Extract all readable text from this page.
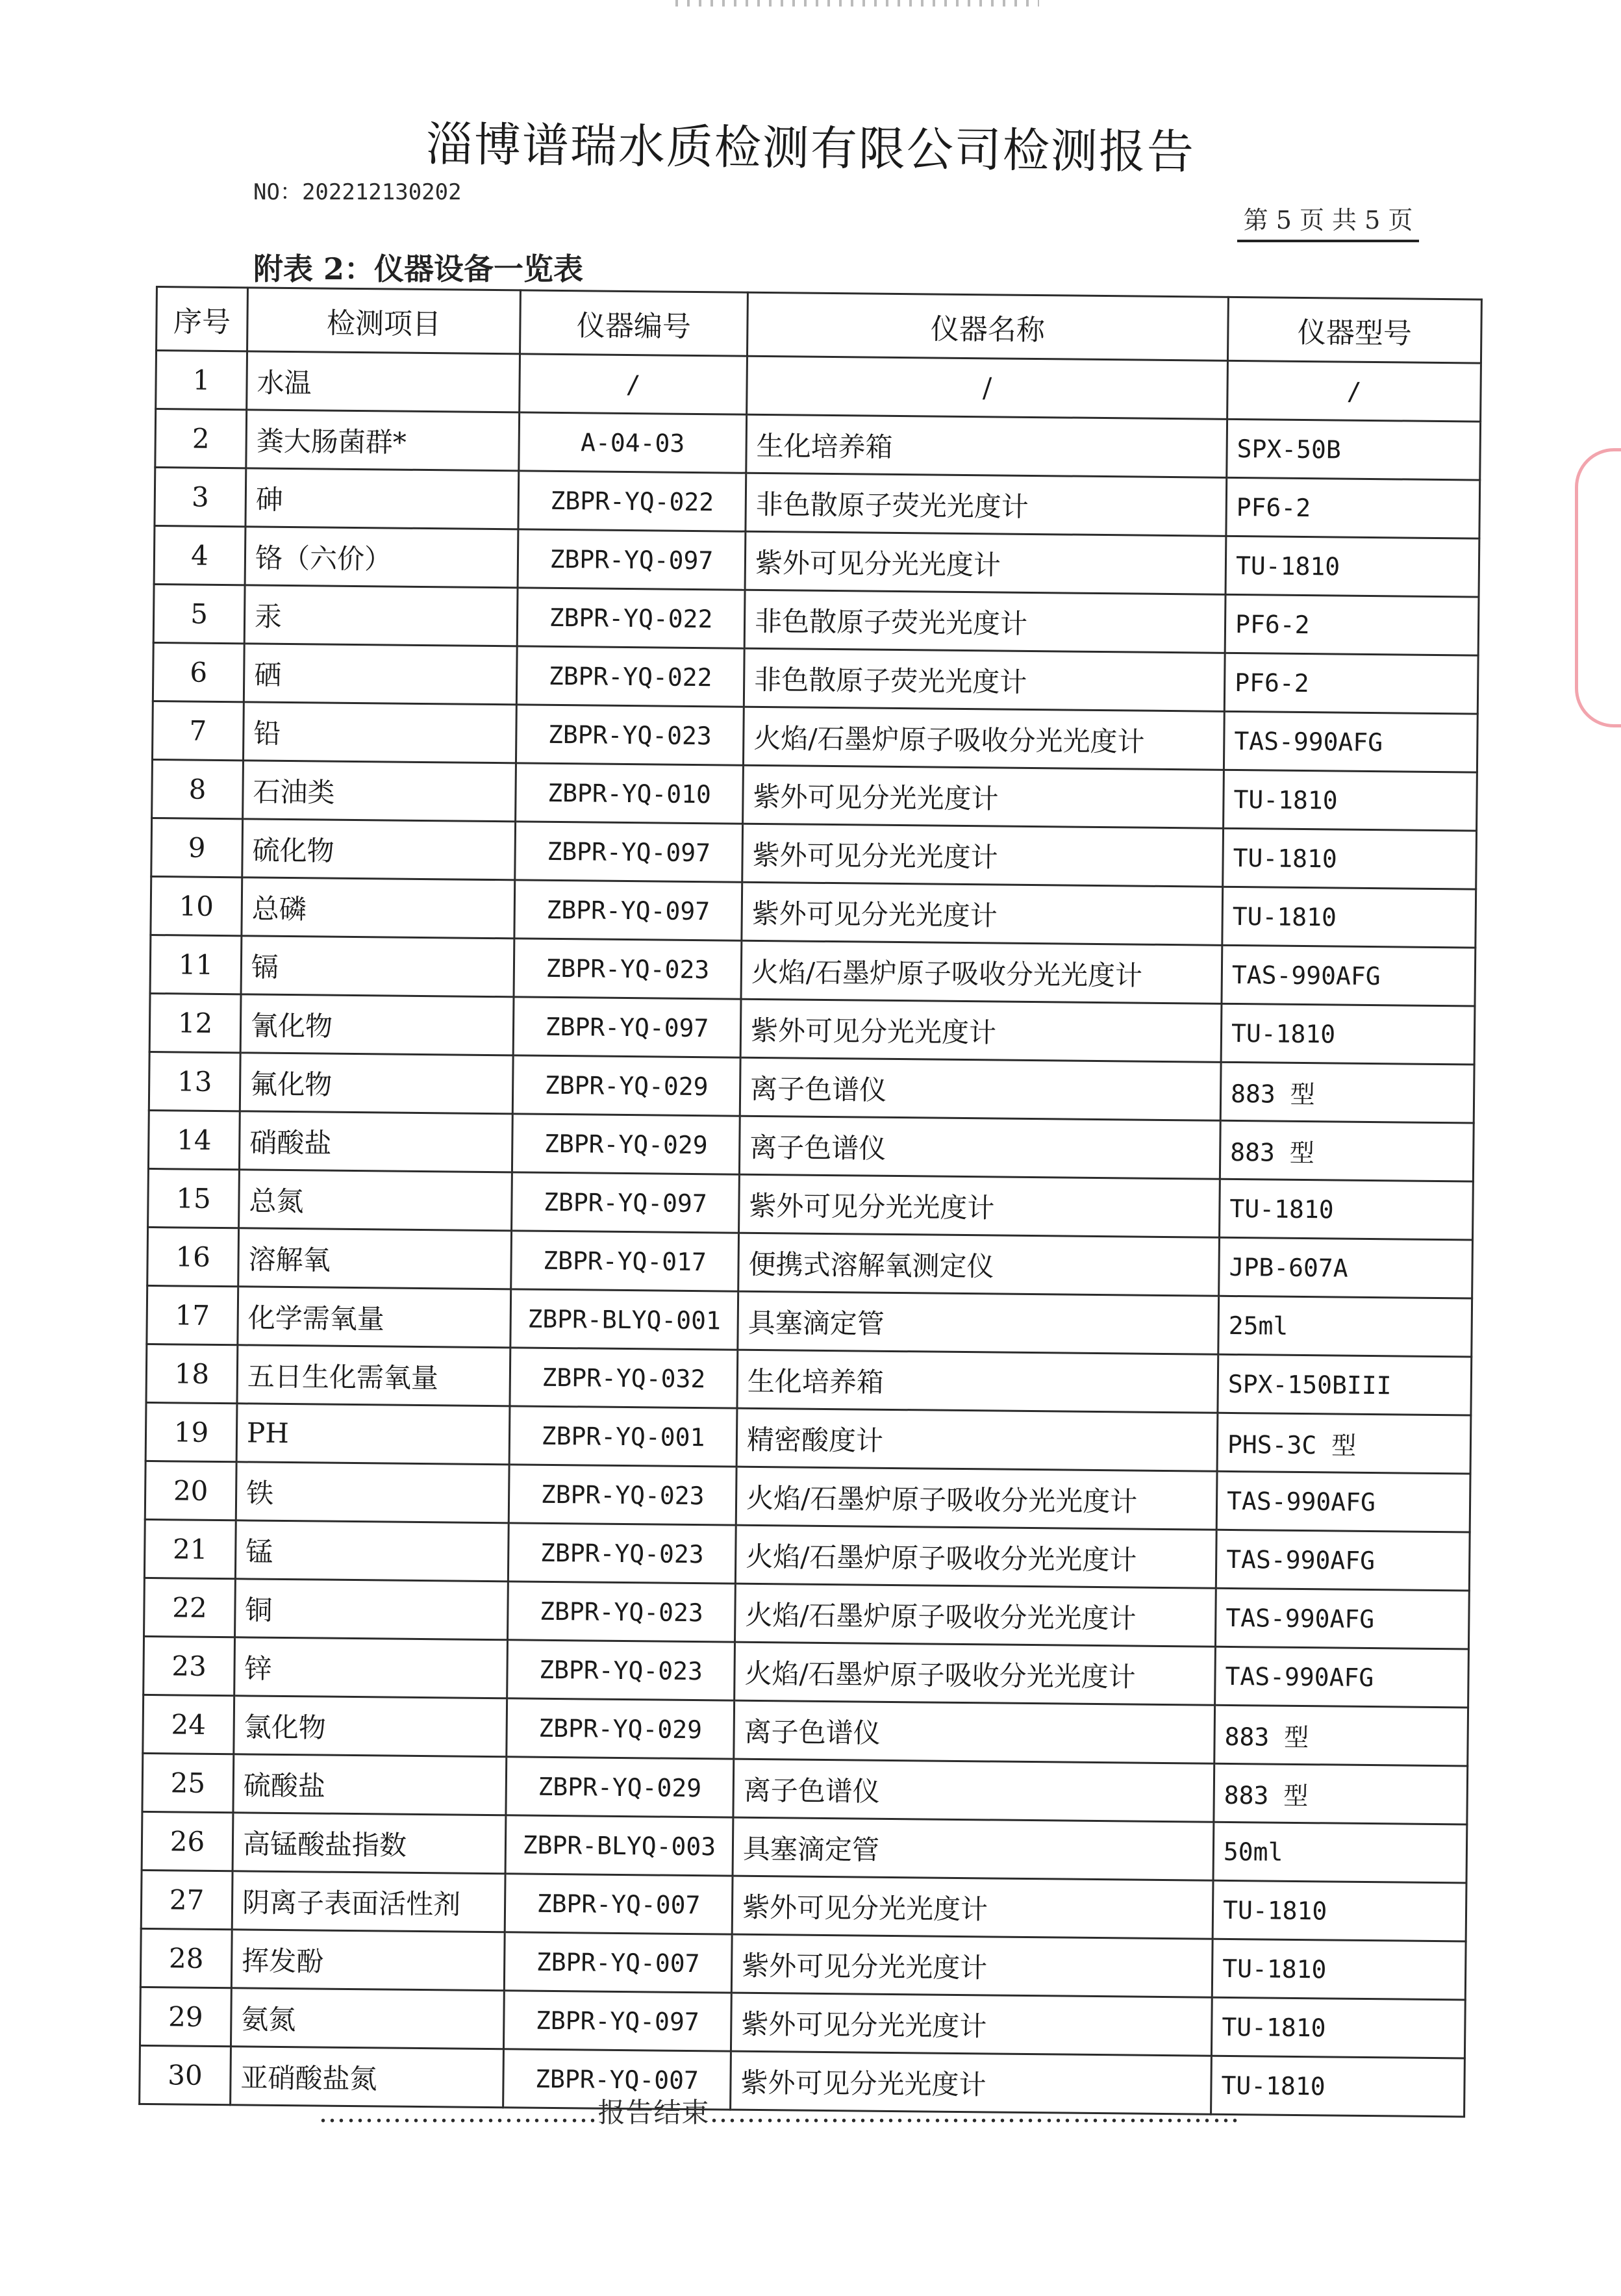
淄博谱瑞水质检测有限公司检测报告
NO：202212130202
第 5 页 共 5 页
附表 2：仪器设备一览表
序号	检测项目	仪器编号	仪器名称	仪器型号
1	水温	/	/	/
2	粪大肠菌群*	A-04-03	生化培养箱	SPX-50B
3	砷	ZBPR-YQ-022	非色散原子荧光光度计	PF6-2
4	铬（六价）	ZBPR-YQ-097	紫外可见分光光度计	TU-1810
5	汞	ZBPR-YQ-022	非色散原子荧光光度计	PF6-2
6	硒	ZBPR-YQ-022	非色散原子荧光光度计	PF6-2
7	铅	ZBPR-YQ-023	火焰/石墨炉原子吸收分光光度计	TAS-990AFG
8	石油类	ZBPR-YQ-010	紫外可见分光光度计	TU-1810
9	硫化物	ZBPR-YQ-097	紫外可见分光光度计	TU-1810
10	总磷	ZBPR-YQ-097	紫外可见分光光度计	TU-1810
11	镉	ZBPR-YQ-023	火焰/石墨炉原子吸收分光光度计	TAS-990AFG
12	氰化物	ZBPR-YQ-097	紫外可见分光光度计	TU-1810
13	氟化物	ZBPR-YQ-029	离子色谱仪	883 型
14	硝酸盐	ZBPR-YQ-029	离子色谱仪	883 型
15	总氮	ZBPR-YQ-097	紫外可见分光光度计	TU-1810
16	溶解氧	ZBPR-YQ-017	便携式溶解氧测定仪	JPB-607A
17	化学需氧量	ZBPR-BLYQ-001	具塞滴定管	25ml
18	五日生化需氧量	ZBPR-YQ-032	生化培养箱	SPX-150BIII
19	PH	ZBPR-YQ-001	精密酸度计	PHS-3C 型
20	铁	ZBPR-YQ-023	火焰/石墨炉原子吸收分光光度计	TAS-990AFG
21	锰	ZBPR-YQ-023	火焰/石墨炉原子吸收分光光度计	TAS-990AFG
22	铜	ZBPR-YQ-023	火焰/石墨炉原子吸收分光光度计	TAS-990AFG
23	锌	ZBPR-YQ-023	火焰/石墨炉原子吸收分光光度计	TAS-990AFG
24	氯化物	ZBPR-YQ-029	离子色谱仪	883 型
25	硫酸盐	ZBPR-YQ-029	离子色谱仪	883 型
26	高锰酸盐指数	ZBPR-BLYQ-003	具塞滴定管	50ml
27	阴离子表面活性剂	ZBPR-YQ-007	紫外可见分光光度计	TU-1810
28	挥发酚	ZBPR-YQ-007	紫外可见分光光度计	TU-1810
29	氨氮	ZBPR-YQ-097	紫外可见分光光度计	TU-1810
30	亚硝酸盐氮	ZBPR-YQ-007	紫外可见分光光度计	TU-1810
…………………………报告结束…………………………………………………
